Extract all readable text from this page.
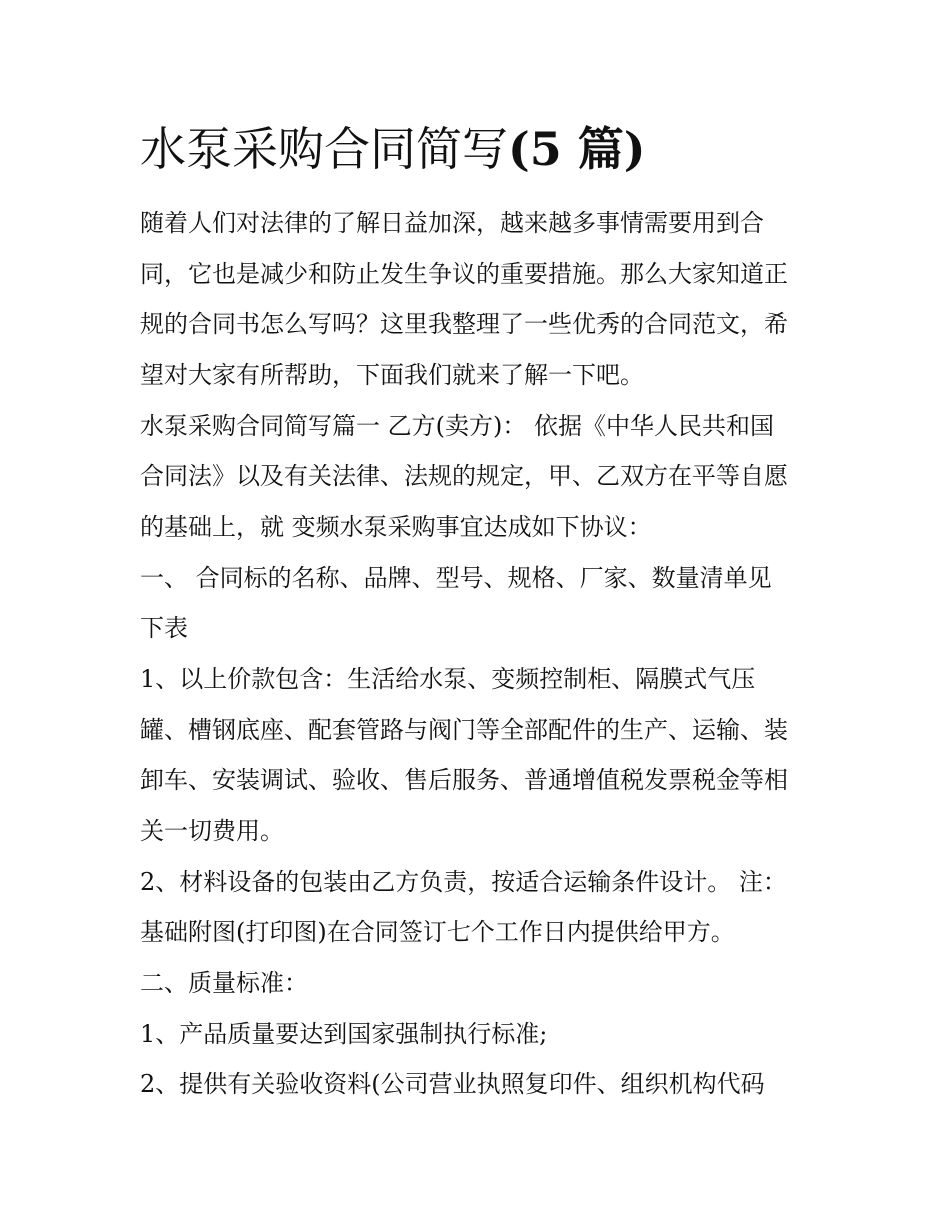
水泵采购合同简写(5 篇)

随着人们对法律的了解日益加深，越来越多事情需要用到合

同，它也是减少和防止发生争议的重要措施。那么大家知道正

规的合同书怎么写吗？这里我整理了一些优秀的合同范文，希

望对大家有所帮助，下面我们就来了解一下吧。

水泵采购合同简写篇一 乙方(卖方)： 依据《中华人民共和国

合同法》以及有关法律、法规的规定，甲、乙双方在平等自愿

的基础上，就 变频水泵采购事宜达成如下协议：

一、 合同标的名称、品牌、型号、规格、厂家、数量清单见

下表

1、以上价款包含：生活给水泵、变频控制柜、隔膜式气压

罐、槽钢底座、配套管路与阀门等全部配件的生产、运输、装

卸车、安装调试、验收、售后服务、普通增值税发票税金等相

关一切费用。

2、材料设备的包装由乙方负责，按适合运输条件设计。 注：

基础附图(打印图)在合同签订七个工作日内提供给甲方。

二、质量标准：

1、产品质量要达到国家强制执行标准;

2、提供有关验收资料(公司营业执照复印件、组织机构代码
